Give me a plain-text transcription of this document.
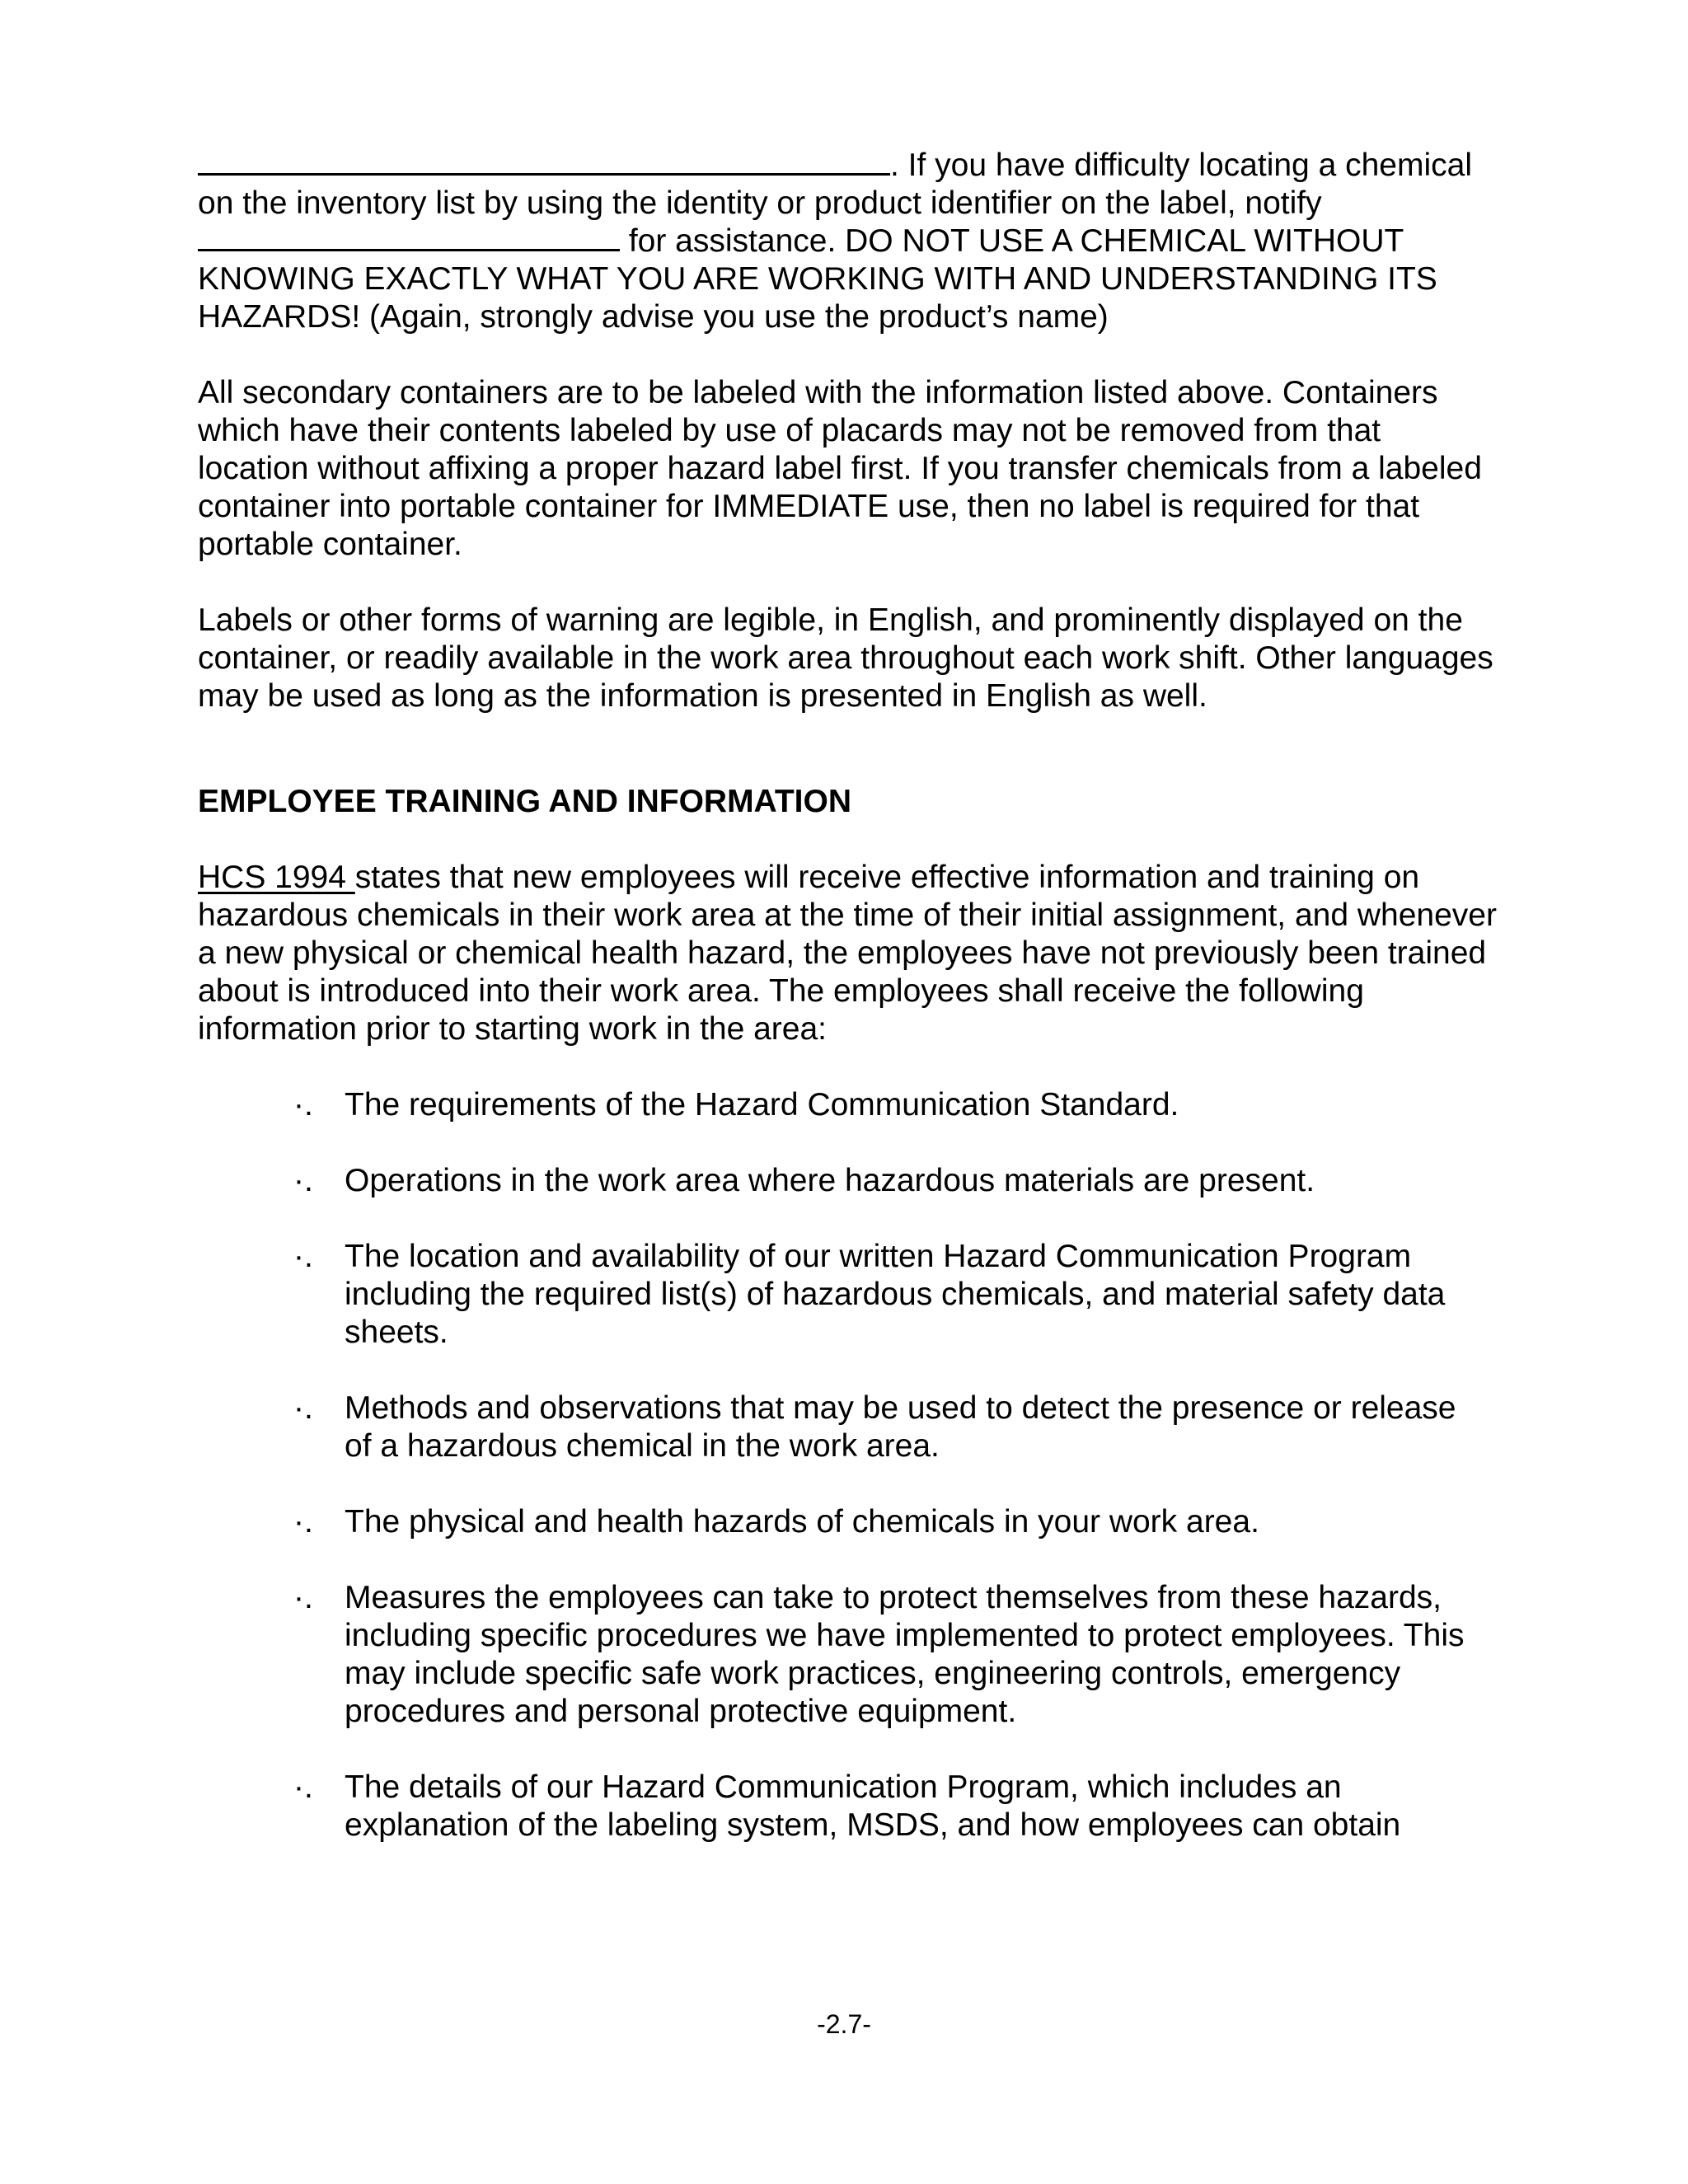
. If you have difficulty locating a chemical on the inventory list by using the identity or product identifier on the label, notify  for assistance. DO NOT USE A CHEMICAL WITHOUT KNOWING EXACTLY WHAT YOU ARE WORKING WITH AND UNDERSTANDING ITS HAZARDS! (Again, strongly advise you use the product’s name)

All secondary containers are to be labeled with the information listed above. Containers which have their contents labeled by use of placards may not be removed from that location without affixing a proper hazard label first. If you transfer chemicals from a labeled container into portable container for IMMEDIATE use, then no label is required for that portable container.

Labels or other forms of warning are legible, in English, and prominently displayed on the container, or readily available in the work area throughout each work shift. Other languages may be used as long as the information is presented in English as well.

EMPLOYEE TRAINING AND INFORMATION

HCS 1994 states that new employees will receive effective information and training on hazardous chemicals in their work area at the time of their initial assignment, and whenever a new physical or chemical health hazard, the employees have not previously been trained about is introduced into their work area. The employees shall receive the following information prior to starting work in the area:

·. The requirements of the Hazard Communication Standard.
·. Operations in the work area where hazardous materials are present.
·. The location and availability of our written Hazard Communication Program including the required list(s) of hazardous chemicals, and material safety data sheets.
·. Methods and observations that may be used to detect the presence or release of a hazardous chemical in the work area.
·. The physical and health hazards of chemicals in your work area.
·. Measures the employees can take to protect themselves from these hazards, including specific procedures we have implemented to protect employees. This may include specific safe work practices, engineering controls, emergency procedures and personal protective equipment.
·. The details of our Hazard Communication Program, which includes an explanation of the labeling system, MSDS, and how employees can obtain
-2.7-
